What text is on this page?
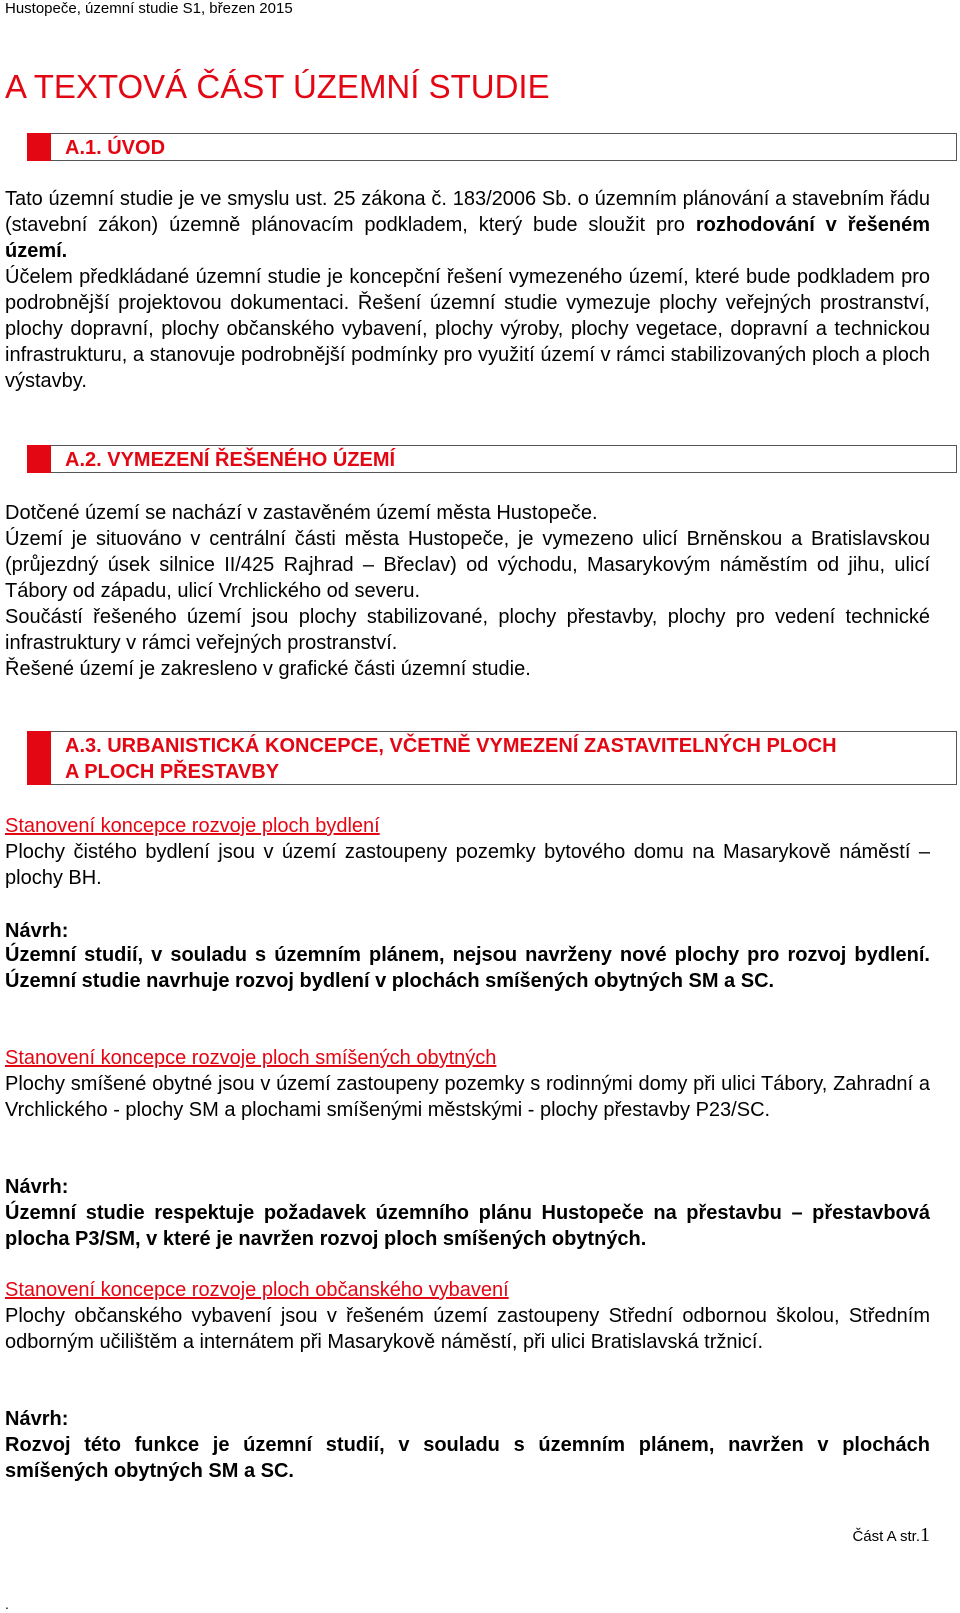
Hustopeče, územní studie S1, březen 2015
A TEXTOVÁ ČÁST ÚZEMNÍ STUDIE
A.1. ÚVOD

Tato územní studie je ve smyslu ust. 25 zákona č. 183/2006 Sb. o územním plánování a stavebním řádu (stavební zákon) územně plánovacím podkladem, který bude sloužit pro rozhodování v řešeném území.

Účelem předkládané územní studie je koncepční řešení vymezeného území, které bude podkladem pro podrobnější projektovou dokumentaci. Řešení územní studie vymezuje plochy veřejných prostranství, plochy dopravní, plochy občanského vybavení, plochy výroby, plochy vegetace, dopravní a technickou infrastrukturu, a stanovuje podrobnější podmínky pro využití území v rámci stabilizovaných ploch a ploch výstavby.

A.2. VYMEZENÍ ŘEŠENÉHO ÚZEMÍ

Dotčené území se nachází v zastavěném území města Hustopeče.

Území je situováno v centrální části města Hustopeče, je vymezeno ulicí Brněnskou a Bratislavskou (průjezdný úsek silnice II/425 Rajhrad – Břeclav) od východu, Masarykovým náměstím od jihu, ulicí Tábory od západu, ulicí Vrchlického od severu.

Součástí řešeného území jsou plochy stabilizované, plochy přestavby, plochy pro vedení technické infrastruktury v rámci veřejných prostranství.

Řešené území je zakresleno v grafické části územní studie.

A.3. URBANISTICKÁ KONCEPCE, VČETNĚ VYMEZENÍ ZASTAVITELNÝCH PLOCH
A PLOCH PŘESTAVBY
Stanovení koncepce rozvoje ploch bydlení

Plochy čistého bydlení jsou v území zastoupeny pozemky bytového domu na Masarykově náměstí – plochy BH.

Návrh:

Územní studií, v souladu s územním plánem, nejsou navrženy nové plochy pro rozvoj bydlení. Územní studie navrhuje rozvoj bydlení v plochách smíšených obytných SM a SC.

Stanovení koncepce rozvoje ploch smíšených obytných

Plochy smíšené obytné jsou v území zastoupeny pozemky s rodinnými domy při ulici Tábory, Zahradní a Vrchlického - plochy SM a plochami smíšenými městskými - plochy přestavby P23/SC.

Návrh:

Územní studie respektuje požadavek územního plánu Hustopeče na přestavbu – přestavbová plocha P3/SM, v které je navržen rozvoj ploch smíšených obytných.

Stanovení koncepce rozvoje ploch občanského vybavení

Plochy občanského vybavení jsou v řešeném území zastoupeny Střední odbornou školou, Středním odborným učilištěm a internátem při Masarykově náměstí, při ulici Bratislavská tržnicí.

Návrh:

Rozvoj této funkce je územní studií, v souladu s územním plánem, navržen v plochách smíšených obytných SM a SC.

Část A str.1
.
